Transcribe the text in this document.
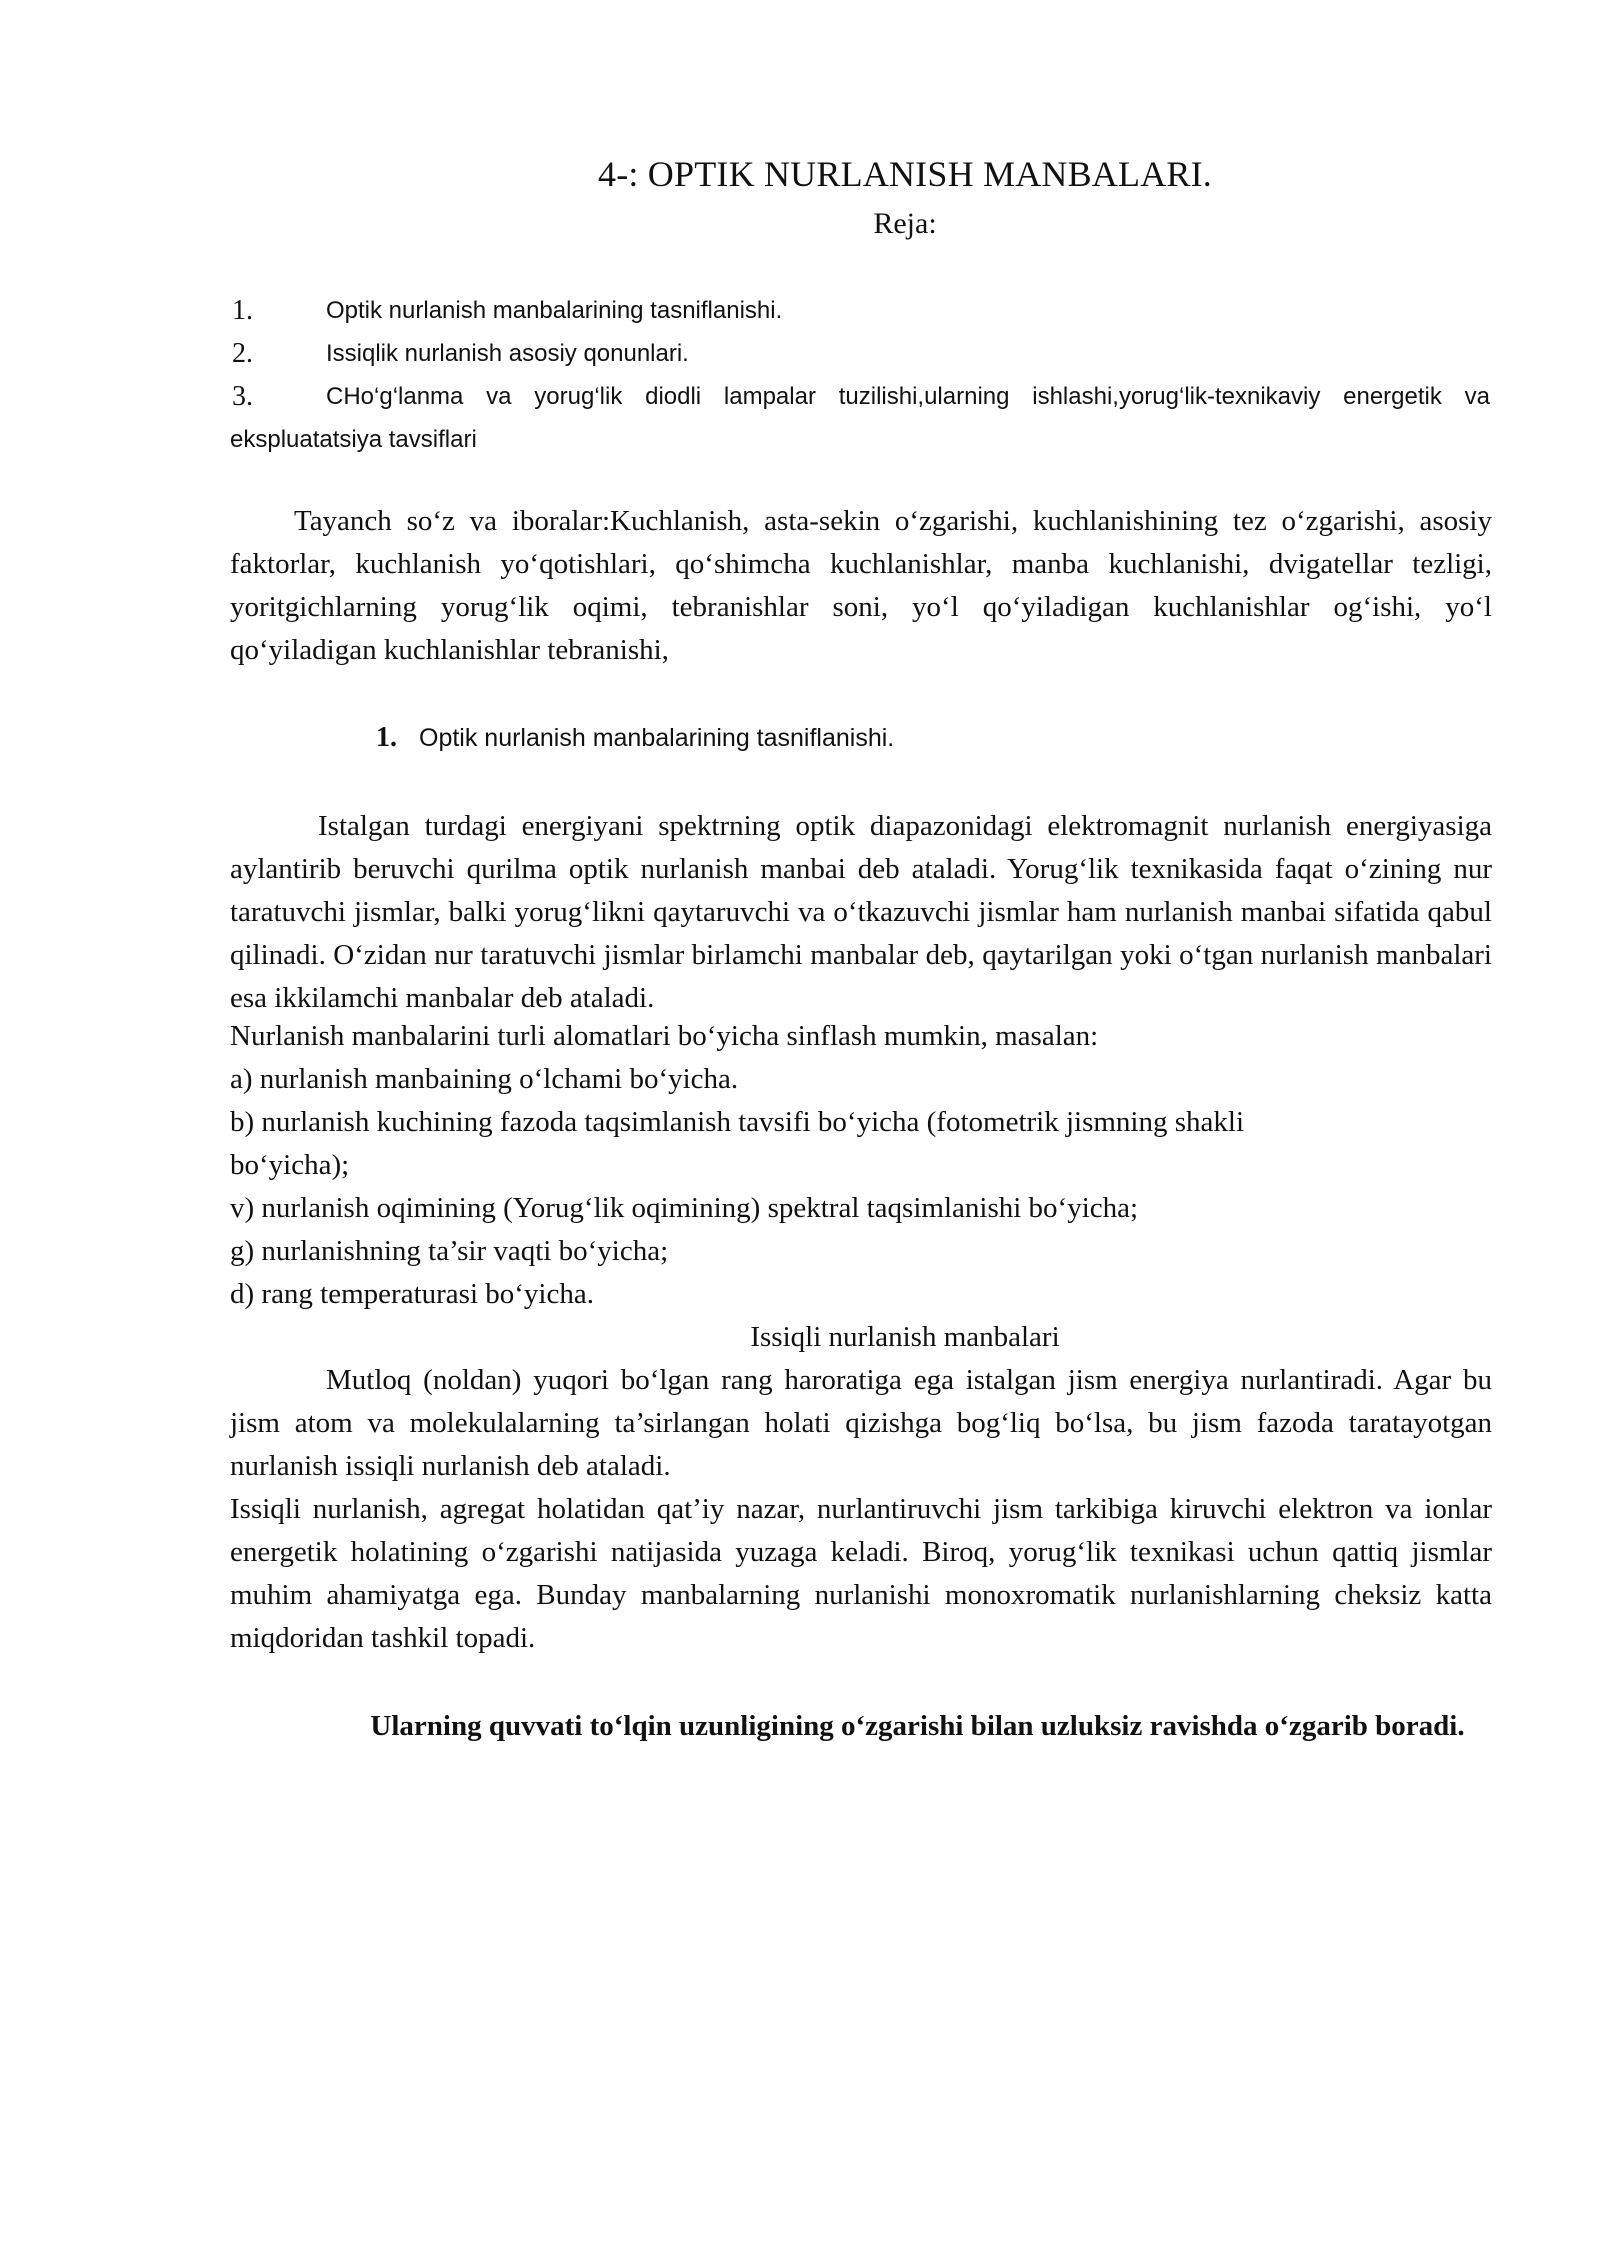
4-: OPTIK NURLANISH MANBALARI.
Reja:
1.	Optik nurlanish manbalarining tasniflanishi.
2.	Issiqlik nurlanish asosiy qonunlari.
3.	CHo‘g‘lanma va yorug‘lik diodli lampalar tuzilishi,ularning ishlashi,yorug‘lik-texnikaviy energetik va ekspluatatsiya tavsiflari

Tayanch so‘z va iboralar:Kuchlanish, asta-sekin o‘zgarishi, kuchlanishining tez o‘zgarishi, asosiy faktorlar, kuchlanish yo‘qotishlari, qo‘shimcha kuchlanishlar, manba kuchlanishi, dvigatellar tezligi, yoritgichlarning yorug‘lik oqimi, tebranishlar soni, yo‘l qo‘yiladigan kuchlanishlar og‘ishi, yo‘l qo‘yiladigan kuchlanishlar tebranishi,

1. Optik nurlanish manbalarining tasniflanishi.

Istalgan turdagi energiyani spektrning optik diapazonidagi elektromagnit nurlanish energiyasiga aylantirib beruvchi qurilma optik nurlanish manbai deb ataladi. Yorug‘lik texnikasida faqat o‘zining nur taratuvchi jismlar, balki yorug‘likni qaytaruvchi va o‘tkazuvchi jismlar ham nurlanish manbai sifatida qabul qilinadi. O‘zidan nur taratuvchi jismlar birlamchi manbalar deb, qaytarilgan yoki o‘tgan nurlanish manbalari esa ikkilamchi manbalar deb ataladi.

Nurlanish manbalarini turli alomatlari bo‘yicha sinflash mumkin, masalan:
a) nurlanish manbaining o‘lchami bo‘yicha.
b) nurlanish kuchining fazoda taqsimlanish tavsifi bo‘yicha (fotometrik jismning shakli
bo‘yicha);
v) nurlanish oqimining (Yorug‘lik oqimining) spektral taqsimlanishi bo‘yicha;
g) nurlanishning ta’sir vaqti bo‘yicha;
d) rang temperaturasi bo‘yicha.
Issiqli nurlanish manbalari

Mutloq (noldan) yuqori bo‘lgan rang haroratiga ega istalgan jism energiya nurlantiradi. Agar bu jism atom va molekulalarning ta’sirlangan holati qizishga bog‘liq bo‘lsa, bu jism fazoda taratayotgan nurlanish issiqli nurlanish deb ataladi.

Issiqli nurlanish, agregat holatidan qat’iy nazar, nurlantiruvchi jism tarkibiga kiruvchi elektron va ionlar energetik holatining o‘zgarishi natijasida yuzaga keladi. Biroq, yorug‘lik texnikasi uchun qattiq jismlar muhim ahamiyatga ega. Bunday manbalarning nurlanishi monoxromatik nurlanishlarning cheksiz katta miqdoridan tashkil topadi.

Ularning quvvati to‘lqin uzunligining o‘zgarishi bilan uzluksiz ravishda o‘zgarib boradi.
